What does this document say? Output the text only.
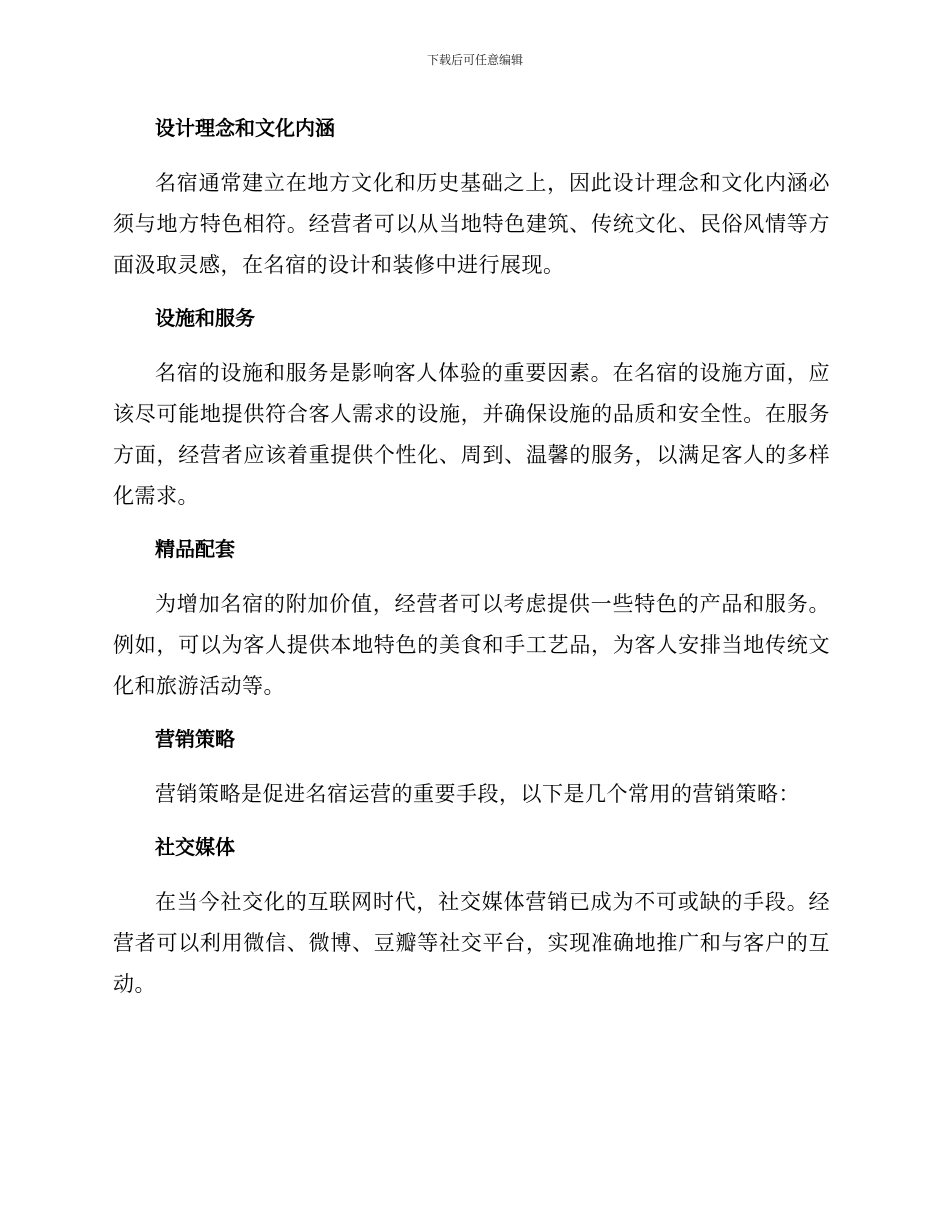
下载后可任意编辑
设计理念和文化内涵

名宿通常建立在地方文化和历史基础之上，因此设计理念和文化内涵必须与地方特色相符。经营者可以从当地特色建筑、传统文化、民俗风情等方面汲取灵感，在名宿的设计和装修中进行展现。

设施和服务

名宿的设施和服务是影响客人体验的重要因素。在名宿的设施方面，应该尽可能地提供符合客人需求的设施，并确保设施的品质和安全性。在服务方面，经营者应该着重提供个性化、周到、温馨的服务，以满足客人的多样化需求。

精品配套

为增加名宿的附加价值，经营者可以考虑提供一些特色的产品和服务。例如，可以为客人提供本地特色的美食和手工艺品，为客人安排当地传统文化和旅游活动等。

营销策略

营销策略是促进名宿运营的重要手段，以下是几个常用的营销策略：

社交媒体

在当今社交化的互联网时代，社交媒体营销已成为不可或缺的手段。经营者可以利用微信、微博、豆瓣等社交平台，实现准确地推广和与客户的互动。
